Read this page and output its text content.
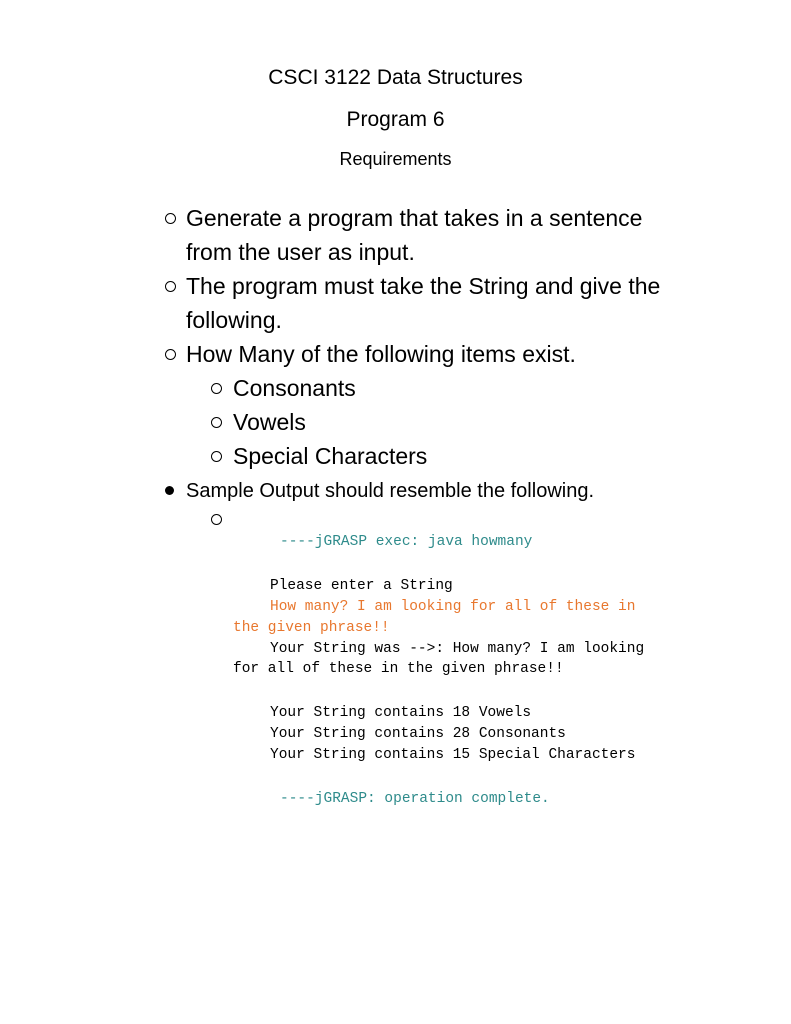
CSCI 3122 Data Structures
Program 6
Requirements
Generate a program that takes in a sentence
from the user as input.
The program must take the String and give the
following.
How Many of the following items exist.
Consonants
Vowels
Special Characters
Sample Output should resemble the following.
----jGRASP exec: java howmany
Please enter a String
How many? I am looking for all of these in
the given phrase!!
Your String was -->: How many? I am looking
for all of these in the given phrase!!
Your String contains 18 Vowels
Your String contains 28 Consonants
Your String contains 15 Special Characters
----jGRASP: operation complete.
